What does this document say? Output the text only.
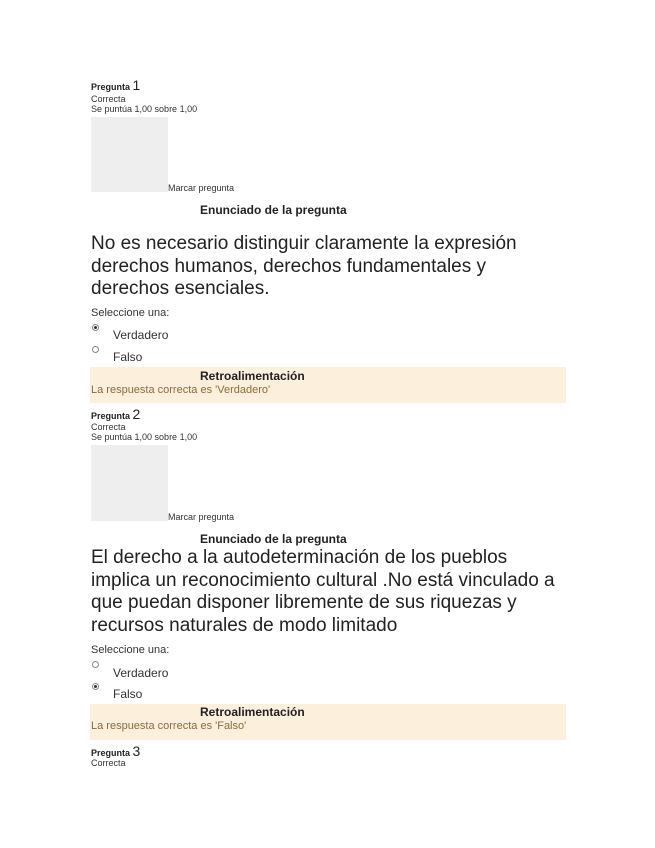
Pregunta 1
Correcta
Se puntúa 1,00 sobre 1,00
Marcar pregunta
Enunciado de la pregunta
No es necesario distinguir claramente la expresión
derechos humanos, derechos fundamentales y
derechos esenciales.
Seleccione una:
Verdadero
Falso
Retroalimentación
La respuesta correcta es 'Verdadero'
Pregunta 2
Correcta
Se puntúa 1,00 sobre 1,00
Marcar pregunta
Enunciado de la pregunta
El derecho a la autodeterminación de los pueblos
implica un reconocimiento cultural .No está vinculado a
que puedan disponer libremente de sus riquezas y
recursos naturales de modo limitado
Seleccione una:
Verdadero
Falso
Retroalimentación
La respuesta correcta es 'Falso'
Pregunta 3
Correcta
